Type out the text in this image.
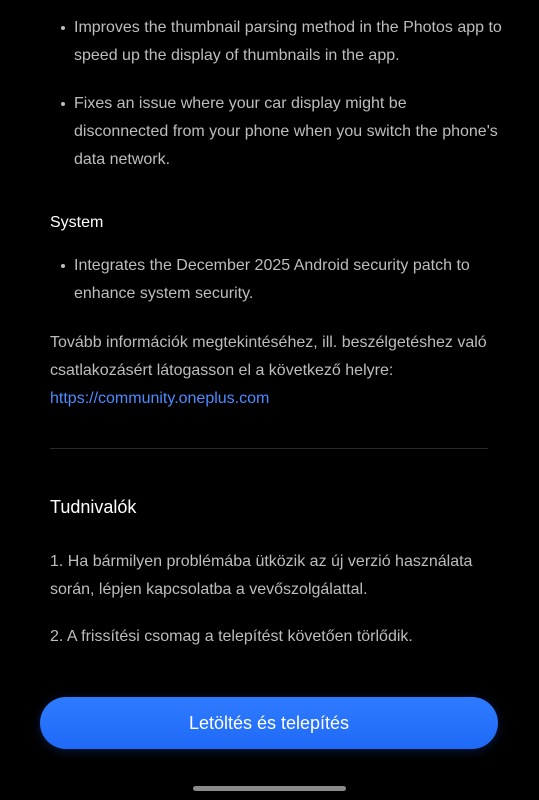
Improves the thumbnail parsing method in the Photos app to speed up the display of thumbnails in the app.
Fixes an issue where your car display might be disconnected from your phone when you switch the phone's data network.
System
Integrates the December 2025 Android security patch to enhance system security.
Tovább információk megtekintéséhez, ill. beszélgetéshez való csatlakozásért látogasson el a következő helyre:
https://community.oneplus.com
Tudnivalók
1. Ha bármilyen problémába ütközik az új verzió használata során, lépjen kapcsolatba a vevőszolgálattal.
2. A frissítési csomag a telepítést követően törlődik.
Letöltés és telepítés
